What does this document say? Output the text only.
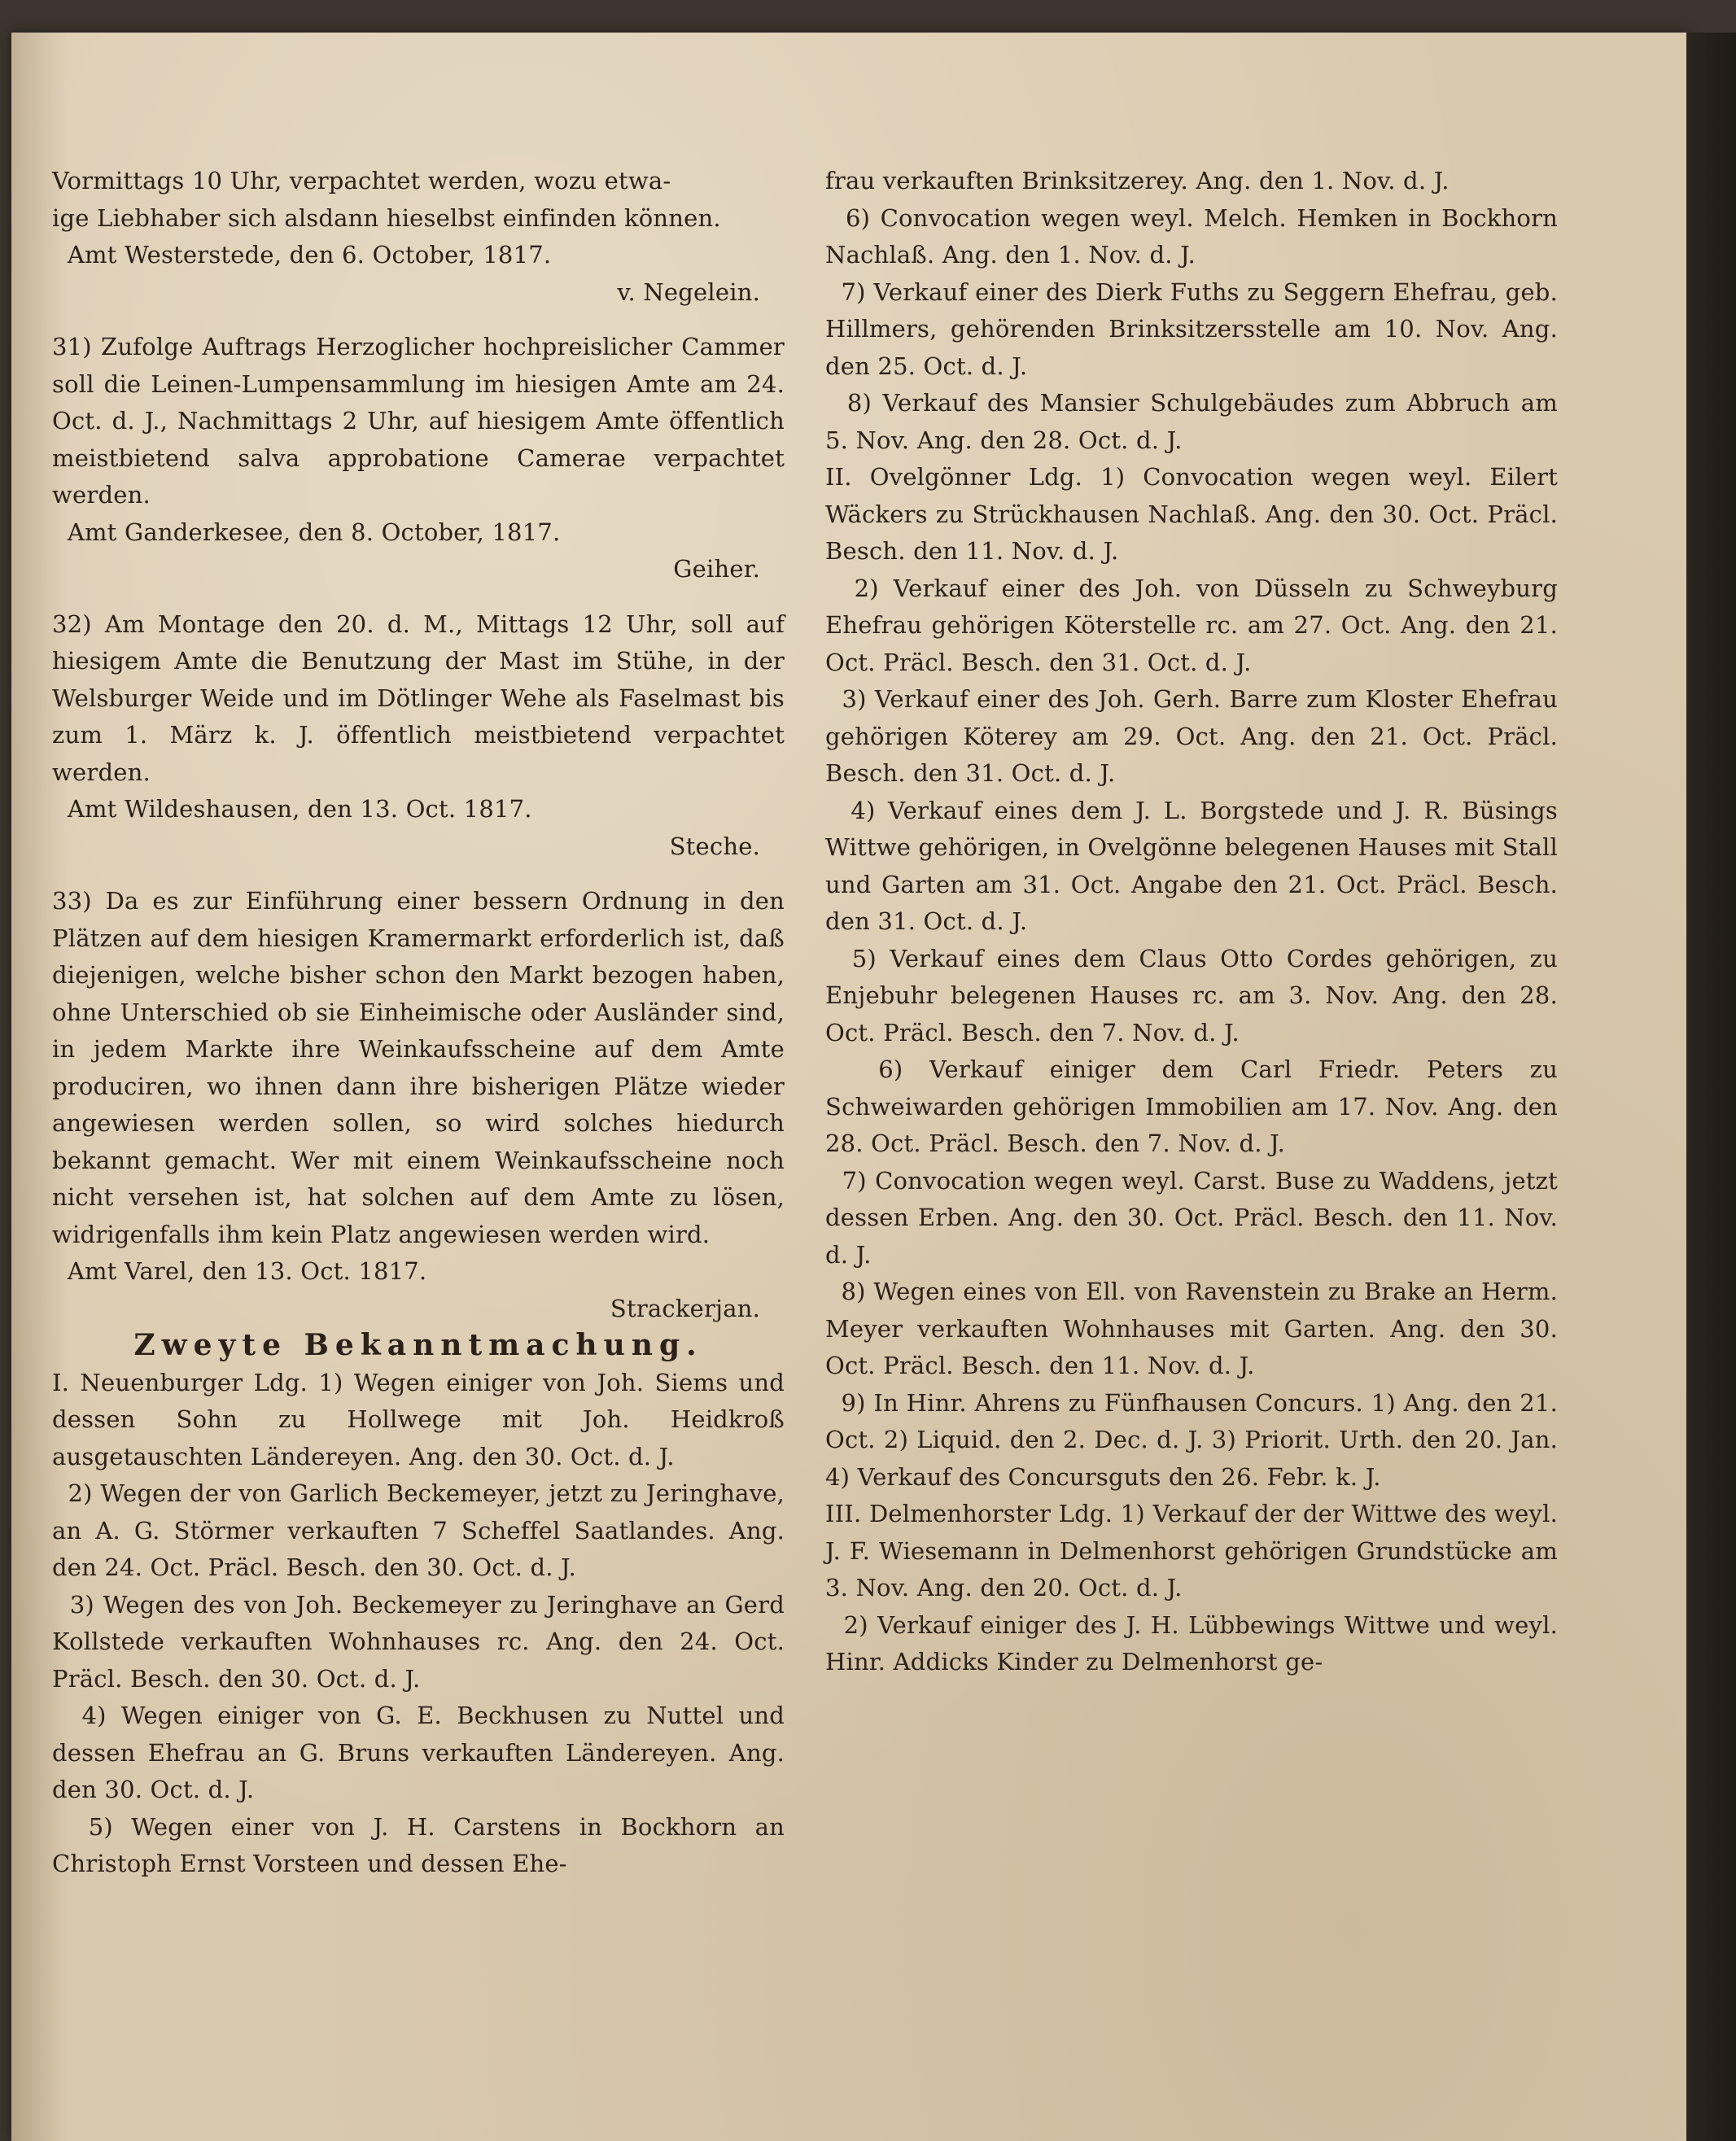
Vormittags 10 Uhr, verpachtet werden, wozu etwa-
ige Liebhaber sich alsdann hieselbst einfinden können.
Amt Westerstede, den 6. October, 1817.

v. Negelein.

31) Zufolge Auftrags Herzoglicher hochpreislicher Cammer soll die Leinen-Lumpensammlung im hiesigen Amte am 24. Oct. d. J., Nachmittags 2 Uhr, auf hiesigem Amte öffentlich meistbietend salva approbatione Camerae verpachtet werden.
Amt Ganderkesee, den 8. October, 1817.

Geiher.

32) Am Montage den 20. d. M., Mittags 12 Uhr, soll auf hiesigem Amte die Benutzung der Mast im Stühe, in der Welsburger Weide und im Dötlinger Wehe als Faselmast bis zum 1. März k. J. öffentlich meistbietend verpachtet werden.
Amt Wildeshausen, den 13. Oct. 1817.

Steche.

33) Da es zur Einführung einer bessern Ordnung in den Plätzen auf dem hiesigen Kramermarkt erforderlich ist, daß diejenigen, welche bisher schon den Markt bezogen haben, ohne Unterschied ob sie Einheimische oder Ausländer sind, in jedem Markte ihre Weinkaufsscheine auf dem Amte produciren, wo ihnen dann ihre bisherigen Plätze wieder angewiesen werden sollen, so wird solches hiedurch bekannt gemacht. Wer mit einem Weinkaufsscheine noch nicht versehen ist, hat solchen auf dem Amte zu lösen, widrigenfalls ihm kein Platz angewiesen werden wird.
Amt Varel, den 13. Oct. 1817.

Strackerjan.

Zweyte Bekanntmachung.

I. Neuenburger Ldg. 1) Wegen einiger von Joh. Siems und dessen Sohn zu Hollwege mit Joh. Heidkroß ausgetauschten Ländereyen. Ang. den 30. Oct. d. J.

2) Wegen der von Garlich Beckemeyer, jetzt zu Jeringhave, an A. G. Störmer verkauften 7 Scheffel Saatlandes. Ang. den 24. Oct. Präcl. Besch. den 30. Oct. d. J.

3) Wegen des von Joh. Beckemeyer zu Jeringhave an Gerd Kollstede verkauften Wohnhauses rc. Ang. den 24. Oct. Präcl. Besch. den 30. Oct. d. J.

4) Wegen einiger von G. E. Beckhusen zu Nuttel und dessen Ehefrau an G. Bruns verkauften Ländereyen. Ang. den 30. Oct. d. J.

5) Wegen einer von J. H. Carstens in Bockhorn an Christoph Ernst Vorsteen und dessen Ehe-

frau verkauften Brinksitzerey. Ang. den 1. Nov. d. J.

6) Convocation wegen weyl. Melch. Hemken in Bockhorn Nachlaß. Ang. den 1. Nov. d. J.

7) Verkauf einer des Dierk Fuths zu Seggern Ehefrau, geb. Hillmers, gehörenden Brinksitzersstelle am 10. Nov. Ang. den 25. Oct. d. J.

8) Verkauf des Mansier Schulgebäudes zum Abbruch am 5. Nov. Ang. den 28. Oct. d. J.

II. Ovelgönner Ldg. 1) Convocation wegen weyl. Eilert Wäckers zu Strückhausen Nachlaß. Ang. den 30. Oct. Präcl. Besch. den 11. Nov. d. J.

2) Verkauf einer des Joh. von Düsseln zu Schweyburg Ehefrau gehörigen Köterstelle rc. am 27. Oct. Ang. den 21. Oct. Präcl. Besch. den 31. Oct. d. J.

3) Verkauf einer des Joh. Gerh. Barre zum Kloster Ehefrau gehörigen Köterey am 29. Oct. Ang. den 21. Oct. Präcl. Besch. den 31. Oct. d. J.

4) Verkauf eines dem J. L. Borgstede und J. R. Büsings Wittwe gehörigen, in Ovelgönne belegenen Hauses mit Stall und Garten am 31. Oct. Angabe den 21. Oct. Präcl. Besch. den 31. Oct. d. J.

5) Verkauf eines dem Claus Otto Cordes gehörigen, zu Enjebuhr belegenen Hauses rc. am 3. Nov. Ang. den 28. Oct. Präcl. Besch. den 7. Nov. d. J.

6) Verkauf einiger dem Carl Friedr. Peters zu Schweiwarden gehörigen Immobilien am 17. Nov. Ang. den 28. Oct. Präcl. Besch. den 7. Nov. d. J.

7) Convocation wegen weyl. Carst. Buse zu Waddens, jetzt dessen Erben. Ang. den 30. Oct. Präcl. Besch. den 11. Nov. d. J.

8) Wegen eines von Ell. von Ravenstein zu Brake an Herm. Meyer verkauften Wohnhauses mit Garten. Ang. den 30. Oct. Präcl. Besch. den 11. Nov. d. J.

9) In Hinr. Ahrens zu Fünfhausen Concurs. 1) Ang. den 21. Oct. 2) Liquid. den 2. Dec. d. J. 3) Priorit. Urth. den 20. Jan. 4) Verkauf des Concursguts den 26. Febr. k. J.

III. Delmenhorster Ldg. 1) Verkauf der der Wittwe des weyl. J. F. Wiesemann in Delmenhorst gehörigen Grundstücke am 3. Nov. Ang. den 20. Oct. d. J.

2) Verkauf einiger des J. H. Lübbewings Wittwe und weyl. Hinr. Addicks Kinder zu Delmenhorst ge-
